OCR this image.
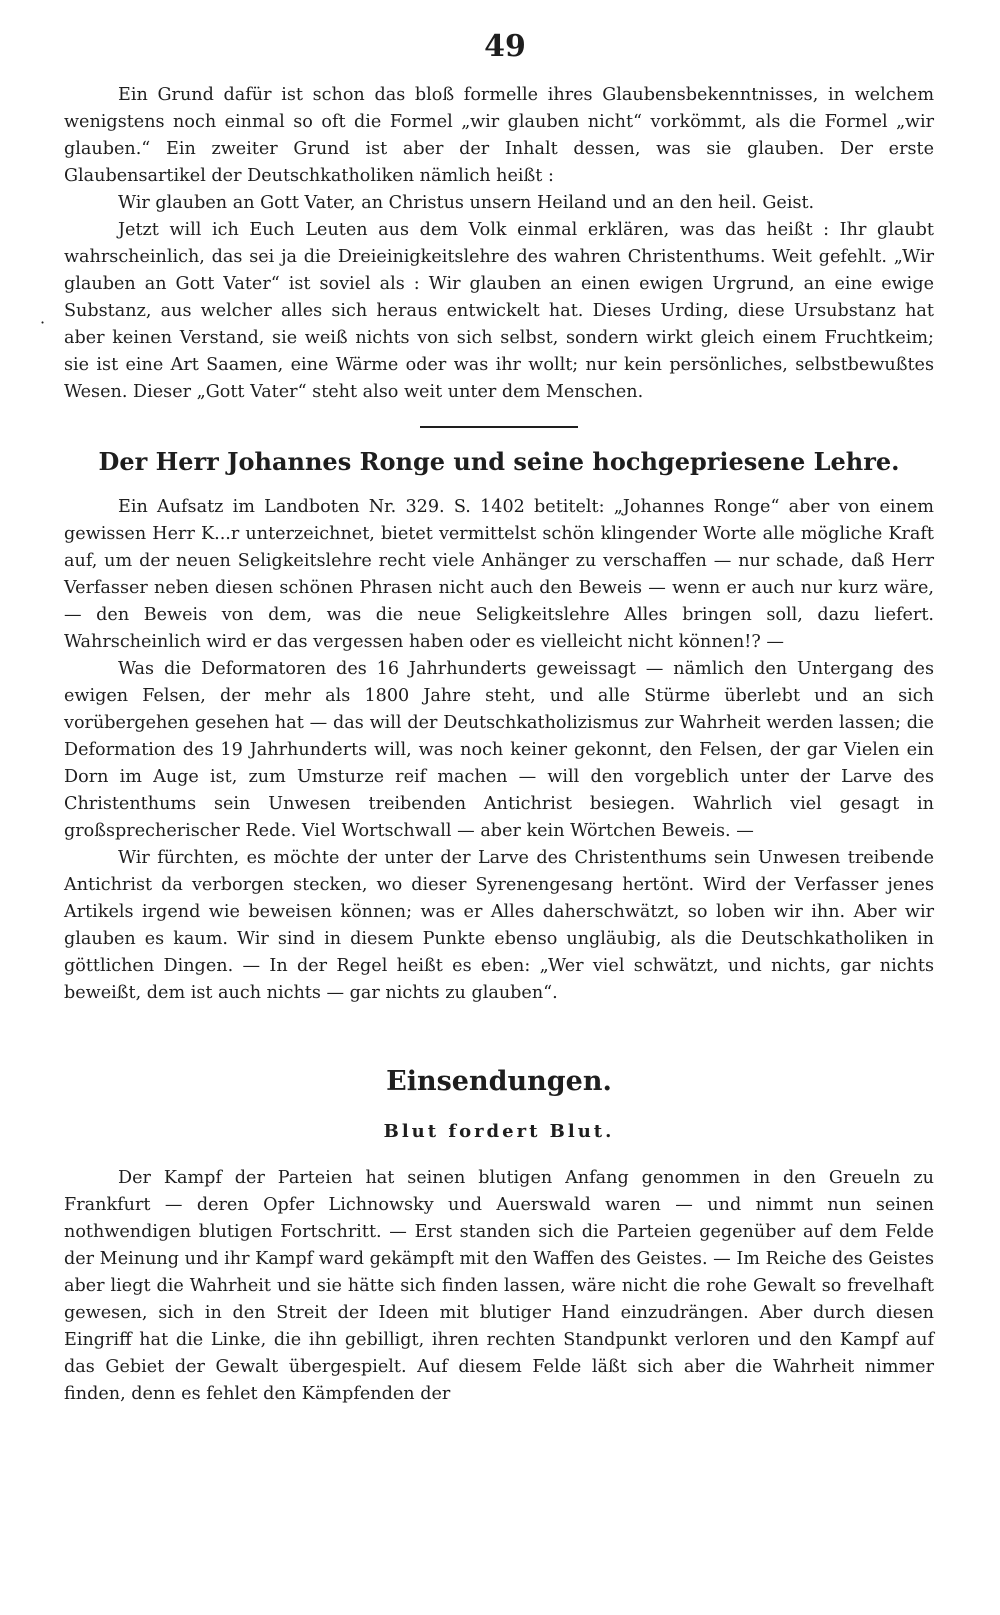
·
49

Ein Grund dafür ist schon das bloß formelle ihres Glaubensbekenntnisses, in welchem wenigstens noch einmal so oft die Formel „wir glauben nicht“ vorkömmt, als die Formel „wir glauben.“ Ein zweiter Grund ist aber der Inhalt dessen, was sie glauben. Der erste Glaubensartikel der Deutschkatholiken nämlich heißt :

Wir glauben an Gott Vater, an Christus unsern Heiland und an den heil. Geist.

Jetzt will ich Euch Leuten aus dem Volk einmal erklären, was das heißt : Ihr glaubt wahrscheinlich, das sei ja die Dreieinigkeitslehre des wahren Christenthums. Weit gefehlt. „Wir glauben an Gott Vater“ ist soviel als : Wir glauben an einen ewigen Urgrund, an eine ewige Substanz, aus welcher alles sich heraus entwickelt hat. Dieses Urding, diese Ursubstanz hat aber keinen Verstand, sie weiß nichts von sich selbst, sondern wirkt gleich einem Fruchtkeim; sie ist eine Art Saamen, eine Wärme oder was ihr wollt; nur kein persönliches, selbstbewußtes Wesen. Dieser „Gott Vater“ steht also weit unter dem Menschen.

Der Herr Johannes Ronge und seine hochgepriesene Lehre.

Ein Aufsatz im Landboten Nr. 329. S. 1402 betitelt: „Johannes Ronge“ aber von einem gewissen Herr K...r unterzeichnet, bietet vermittelst schön klingender Worte alle mögliche Kraft auf, um der neuen Seligkeitslehre recht viele Anhänger zu verschaffen — nur schade, daß Herr Verfasser neben diesen schönen Phrasen nicht auch den Beweis — wenn er auch nur kurz wäre, — den Beweis von dem, was die neue Seligkeitslehre Alles bringen soll, dazu liefert. Wahrscheinlich wird er das vergessen haben oder es vielleicht nicht können!? —

Was die Deformatoren des 16 Jahrhunderts geweissagt — nämlich den Untergang des ewigen Felsen, der mehr als 1800 Jahre steht, und alle Stürme überlebt und an sich vorübergehen gesehen hat — das will der Deutschkatholizismus zur Wahrheit werden lassen; die Deformation des 19 Jahrhunderts will, was noch keiner gekonnt, den Felsen, der gar Vielen ein Dorn im Auge ist, zum Umsturze reif machen — will den vorgeblich unter der Larve des Christenthums sein Unwesen treibenden Antichrist besiegen. Wahrlich viel gesagt in großsprecherischer Rede. Viel Wortschwall — aber kein Wörtchen Beweis. —

Wir fürchten, es möchte der unter der Larve des Christenthums sein Unwesen treibende Antichrist da verborgen stecken, wo dieser Syrenengesang hertönt. Wird der Verfasser jenes Artikels irgend wie beweisen können; was er Alles daherschwätzt, so loben wir ihn. Aber wir glauben es kaum. Wir sind in diesem Punkte ebenso ungläubig, als die Deutschkatholiken in göttlichen Dingen. — In der Regel heißt es eben: „Wer viel schwätzt, und nichts, gar nichts beweißt, dem ist auch nichts — gar nichts zu glauben“.

Einsendungen.
Blut fordert Blut.

Der Kampf der Parteien hat seinen blutigen Anfang genommen in den Greueln zu Frankfurt — deren Opfer Lichnowsky und Auerswald waren — und nimmt nun seinen nothwendigen blutigen Fortschritt. — Erst standen sich die Parteien gegenüber auf dem Felde der Meinung und ihr Kampf ward gekämpft mit den Waffen des Geistes. — Im Reiche des Geistes aber liegt die Wahrheit und sie hätte sich finden lassen, wäre nicht die rohe Gewalt so frevelhaft gewesen, sich in den Streit der Ideen mit blutiger Hand einzudrängen. Aber durch diesen Eingriff hat die Linke, die ihn gebilligt, ihren rechten Standpunkt verloren und den Kampf auf das Gebiet der Gewalt übergespielt. Auf diesem Felde läßt sich aber die Wahrheit nimmer finden, denn es fehlet den Kämpfenden der
